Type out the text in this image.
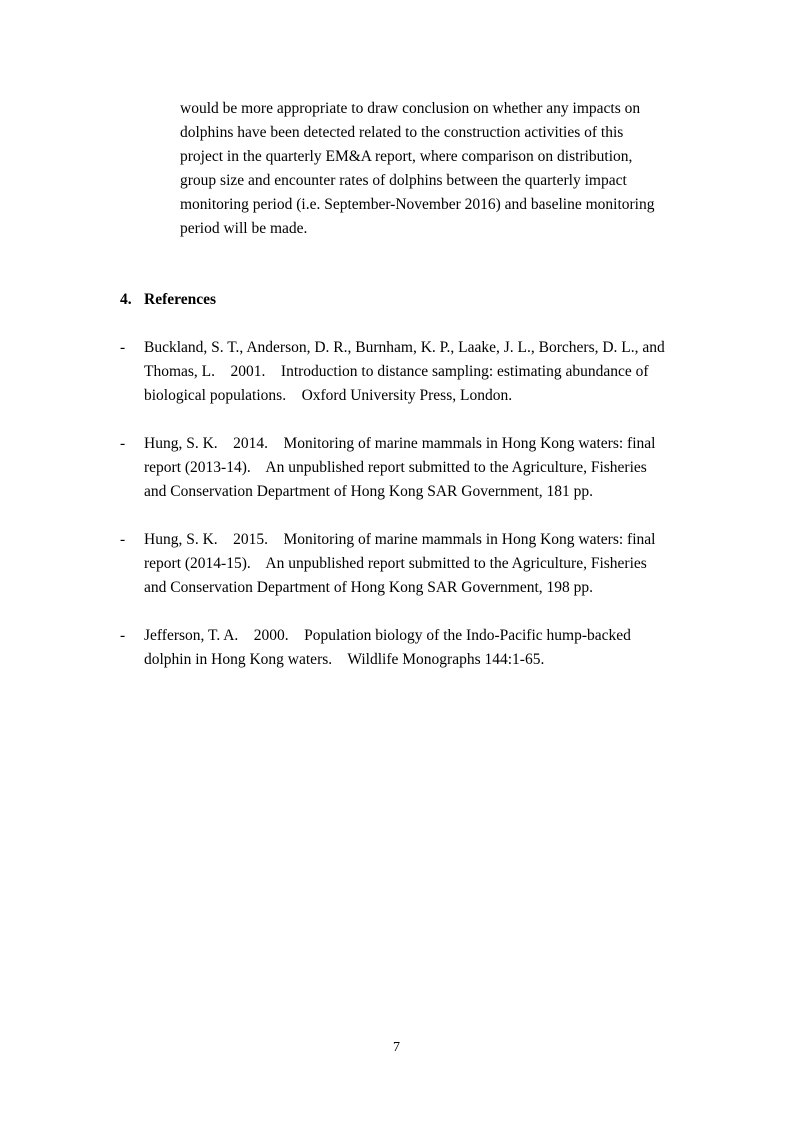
would be more appropriate to draw conclusion on whether any impacts on
dolphins have been detected related to the construction activities of this
project in the quarterly EM&A report, where comparison on distribution,
group size and encounter rates of dolphins between the quarterly impact
monitoring period (i.e. September-November 2016) and baseline monitoring
period will be made.
4. References
- Buckland, S. T., Anderson, D. R., Burnham, K. P., Laake, J. L., Borchers, D. L., and
Thomas, L.    2001.    Introduction to distance sampling: estimating abundance of
biological populations.    Oxford University Press, London.
- Hung, S. K.    2014.    Monitoring of marine mammals in Hong Kong waters: final
report (2013-14).    An unpublished report submitted to the Agriculture, Fisheries
and Conservation Department of Hong Kong SAR Government, 181 pp.
- Hung, S. K.    2015.    Monitoring of marine mammals in Hong Kong waters: final
report (2014-15).    An unpublished report submitted to the Agriculture, Fisheries
and Conservation Department of Hong Kong SAR Government, 198 pp.
- Jefferson, T. A.    2000.    Population biology of the Indo-Pacific hump-backed
dolphin in Hong Kong waters.    Wildlife Monographs 144:1-65.
7
